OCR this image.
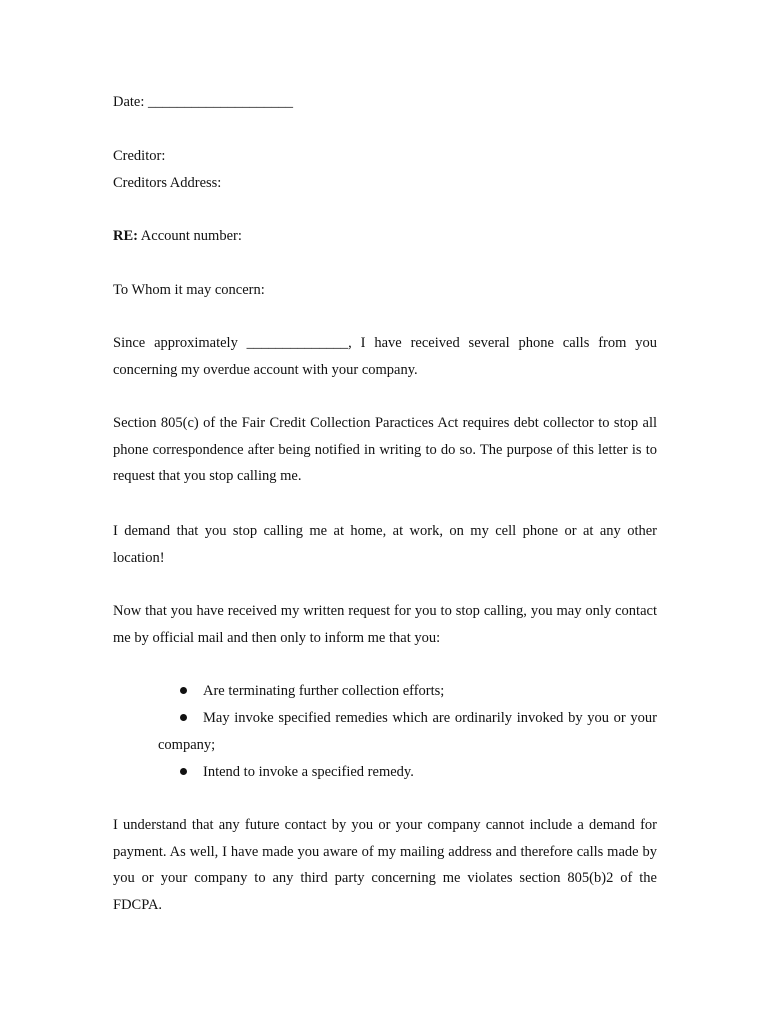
Date: ____________________

Creditor:

Creditors Address:

RE: Account number:

To Whom it may concern:

Since approximately ______________, I have received several phone calls from you concerning my overdue account with your company.

Section 805(c) of the Fair Credit Collection Paractices Act requires debt collector to stop all phone correspondence after being notified in writing to do so. The purpose of this letter is to request that you stop calling me.

I demand that you stop calling me at home, at work, on my cell phone or at any other location!

Now that you have received my written request for you to stop calling, you may only contact me by official mail and then only to inform me that you:

Are terminating further collection efforts;

May invoke specified remedies which are ordinarily invoked by you or your company;

Intend to invoke a specified remedy.

I understand that any future contact by you or your company cannot include a demand for payment. As well, I have made you aware of my mailing address and therefore calls made by you or your company to any third party concerning me violates section 805(b)2 of the FDCPA.
